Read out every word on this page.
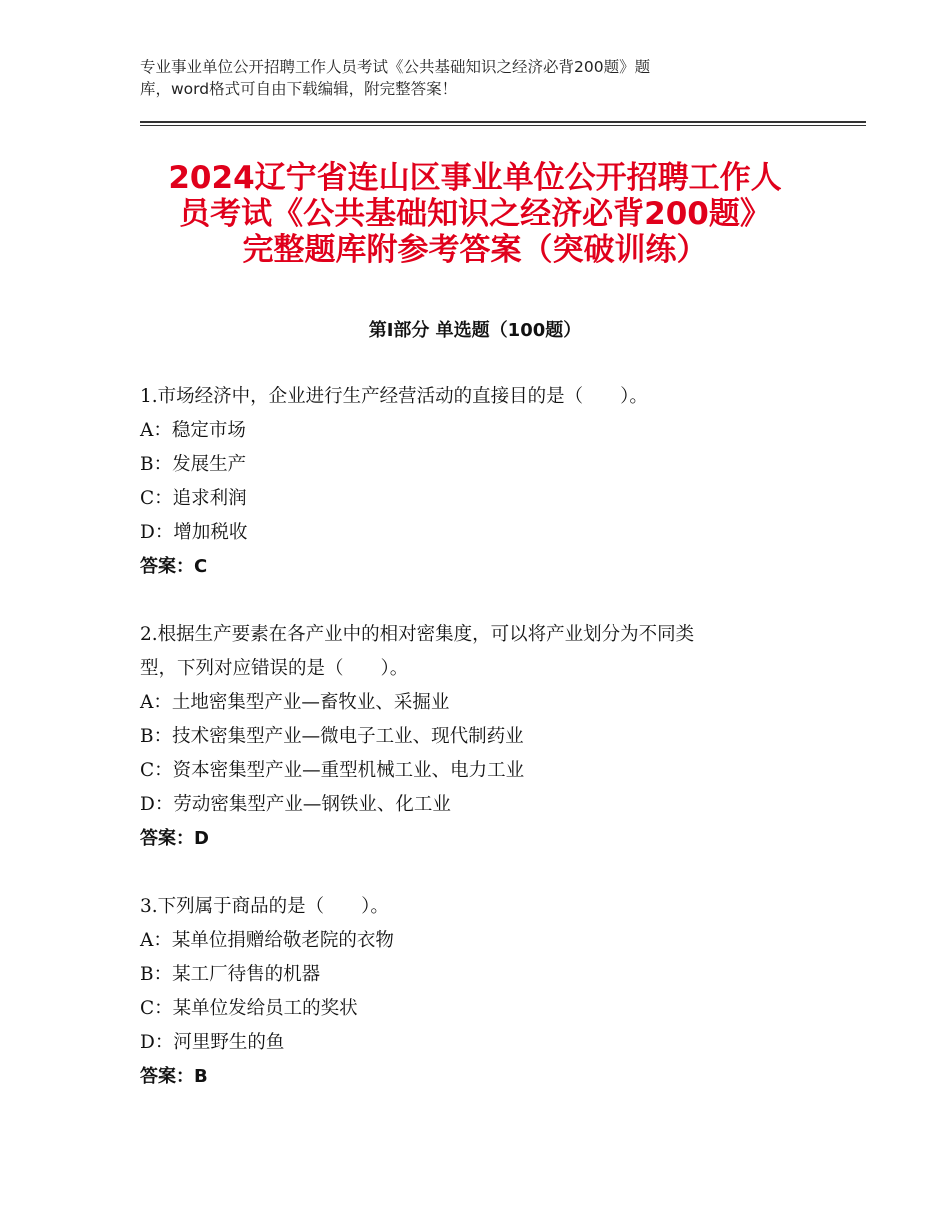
专业事业单位公开招聘工作人员考试《公共基础知识之经济必背200题》题
库，word格式可自由下载编辑，附完整答案！
2024辽宁省连山区事业单位公开招聘工作人
员考试《公共基础知识之经济必背200题》
完整题库附参考答案（突破训练）
第Ⅰ部分 单选题（100题）
1.市场经济中，企业进行生产经营活动的直接目的是（　　）。
A：稳定市场
B：发展生产
C：追求利润
D：增加税收
答案：C
2.根据生产要素在各产业中的相对密集度，可以将产业划分为不同类
型，下列对应错误的是（　　）。
A：土地密集型产业—畜牧业、采掘业
B：技术密集型产业—微电子工业、现代制药业
C：资本密集型产业—重型机械工业、电力工业
D：劳动密集型产业—钢铁业、化工业
答案：D
3.下列属于商品的是（　　）。
A：某单位捐赠给敬老院的衣物
B：某工厂待售的机器
C：某单位发给员工的奖状
D：河里野生的鱼
答案：B
